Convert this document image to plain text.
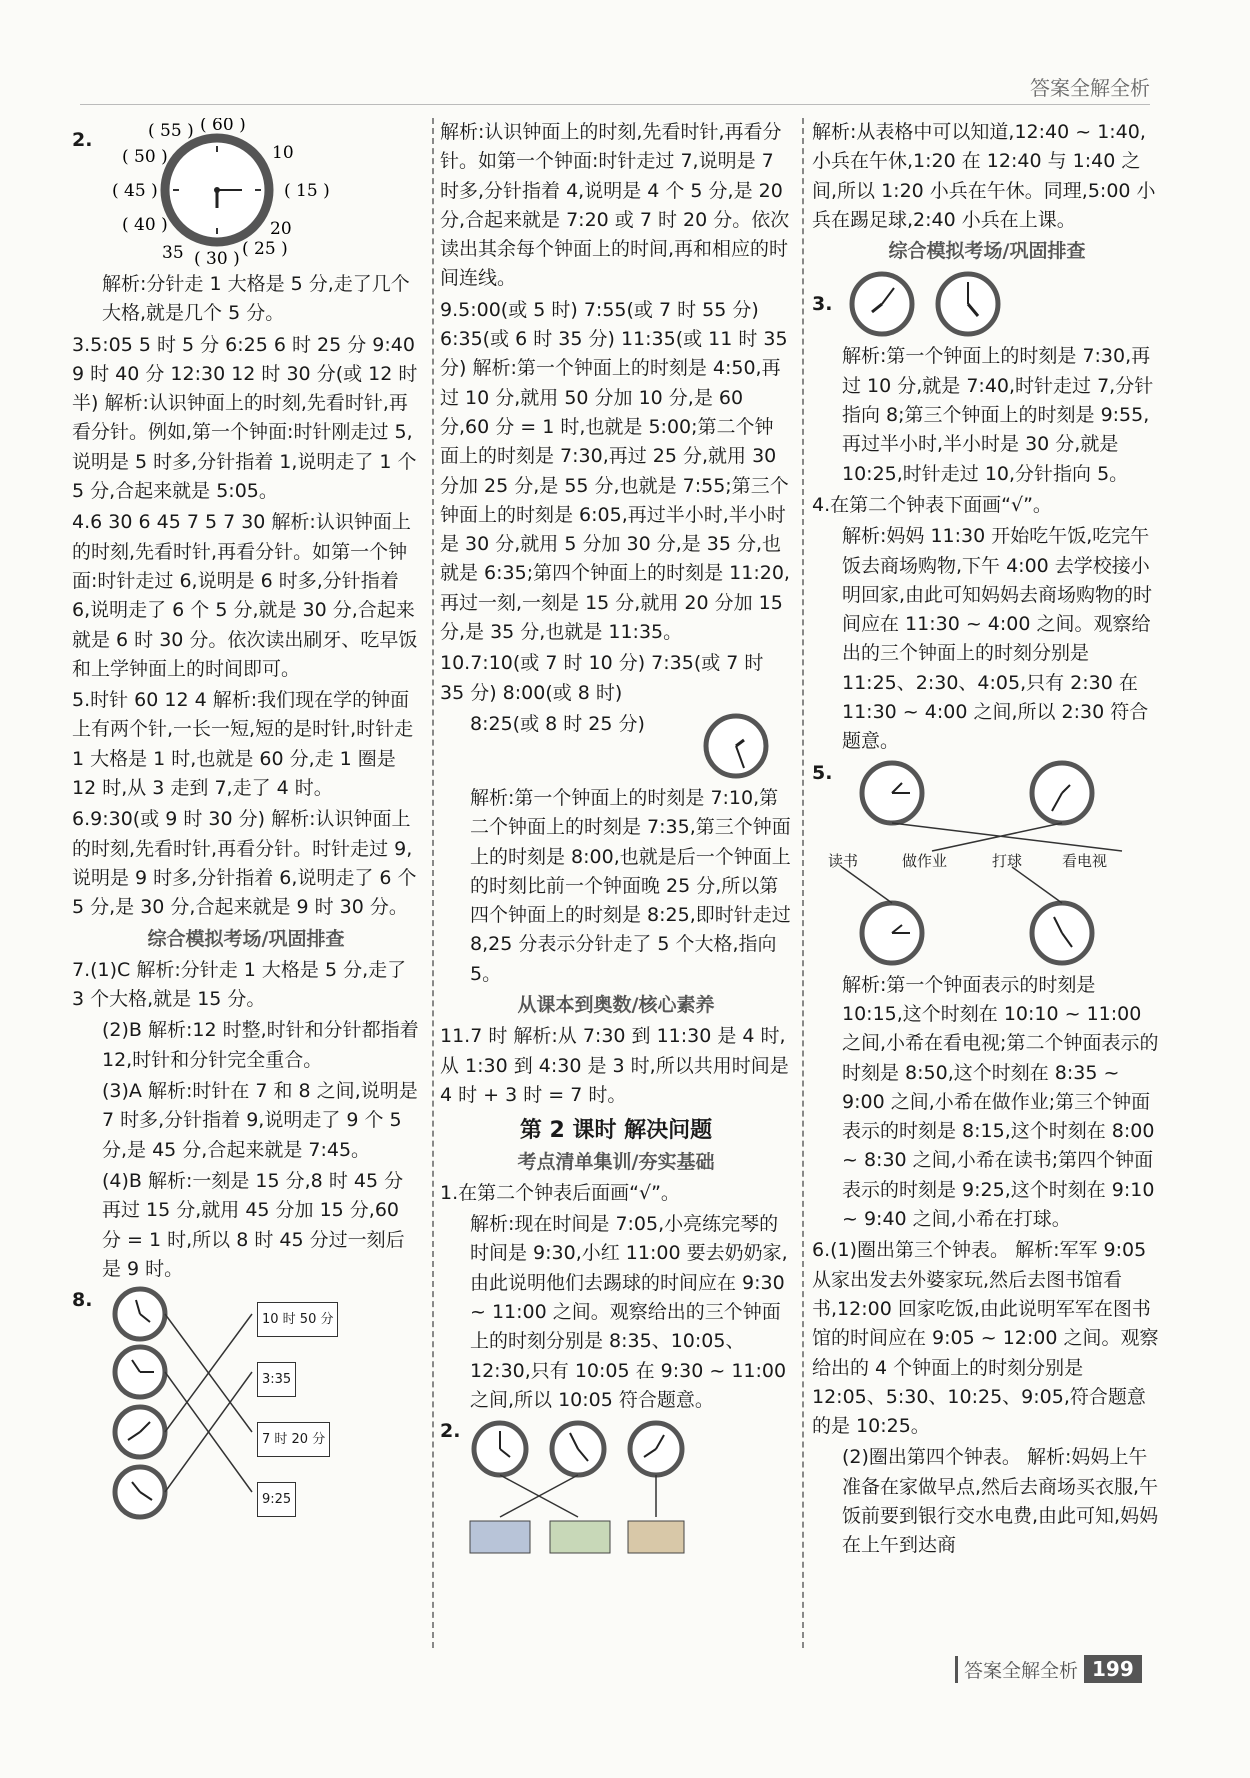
答案全解全析
2.
( 60 )
10
( 15 )
20
( 25 )
( 30 )
35
( 40 )
( 45 )
( 50 )
( 55 )
解析:分针走 1 大格是 5 分,走了几个大格,就是几个 5 分。
3.5:05 5 时 5 分 6:25 6 时 25 分 9:40 9 时 40 分 12:30 12 时 30 分(或 12 时半) 解析:认识钟面上的时刻,先看时针,再看分针。例如,第一个钟面:时针刚走过 5,说明是 5 时多,分针指着 1,说明走了 1 个 5 分,合起来就是 5:05。
4.6 30 6 45 7 5 7 30 解析:认识钟面上的时刻,先看时针,再看分针。如第一个钟面:时针走过 6,说明是 6 时多,分针指着 6,说明走了 6 个 5 分,就是 30 分,合起来就是 6 时 30 分。依次读出刷牙、吃早饭和上学钟面上的时间即可。
5.时针 60 12 4 解析:我们现在学的钟面上有两个针,一长一短,短的是时针,时针走 1 大格是 1 时,也就是 60 分,走 1 圈是 12 时,从 3 走到 7,走了 4 时。
6.9:30(或 9 时 30 分) 解析:认识钟面上的时刻,先看时针,再看分针。时针走过 9,说明是 9 时多,分针指着 6,说明走了 6 个 5 分,是 30 分,合起来就是 9 时 30 分。
综合模拟考场/巩固排查
7.(1)C 解析:分针走 1 大格是 5 分,走了 3 个大格,就是 15 分。
(2)B 解析:12 时整,时针和分针都指着 12,时针和分针完全重合。
(3)A 解析:时针在 7 和 8 之间,说明是 7 时多,分针指着 9,说明走了 9 个 5 分,是 45 分,合起来就是 7:45。
(4)B 解析:一刻是 15 分,8 时 45 分再过 15 分,就用 45 分加 15 分,60 分 = 1 时,所以 8 时 45 分过一刻后是 9 时。
8.
10 时 50 分
3:35
7 时 20 分
9:25
解析:认识钟面上的时刻,先看时针,再看分针。如第一个钟面:时针走过 7,说明是 7 时多,分针指着 4,说明是 4 个 5 分,是 20 分,合起来就是 7:20 或 7 时 20 分。依次读出其余每个钟面上的时间,再和相应的时间连线。
9.5:00(或 5 时) 7:55(或 7 时 55 分) 6:35(或 6 时 35 分) 11:35(或 11 时 35 分) 解析:第一个钟面上的时刻是 4:50,再过 10 分,就用 50 分加 10 分,是 60 分,60 分 = 1 时,也就是 5:00;第二个钟面上的时刻是 7:30,再过 25 分,就用 30 分加 25 分,是 55 分,也就是 7:55;第三个钟面上的时刻是 6:05,再过半小时,半小时是 30 分,就用 5 分加 30 分,是 35 分,也就是 6:35;第四个钟面上的时刻是 11:20,再过一刻,一刻是 15 分,就用 20 分加 15 分,是 35 分,也就是 11:35。
10.7:10(或 7 时 10 分) 7:35(或 7 时 35 分) 8:00(或 8 时)
8:25(或 8 时 25 分)
解析:第一个钟面上的时刻是 7:10,第二个钟面上的时刻是 7:35,第三个钟面上的时刻是 8:00,也就是后一个钟面上的时刻比前一个钟面晚 25 分,所以第四个钟面上的时刻是 8:25,即时针走过 8,25 分表示分针走了 5 个大格,指向 5。
从课本到奥数/核心素养
11.7 时 解析:从 7:30 到 11:30 是 4 时,从 1:30 到 4:30 是 3 时,所以共用时间是 4 时 + 3 时 = 7 时。
第 2 课时 解决问题
考点清单集训/夯实基础
1.在第二个钟表后面画“√”。
解析:现在时间是 7:05,小亮练完琴的时间是 9:30,小红 11:00 要去奶奶家,由此说明他们去踢球的时间应在 9:30 ~ 11:00 之间。观察给出的三个钟面上的时刻分别是 8:35、10:05、12:30,只有 10:05 在 9:30 ~ 11:00 之间,所以 10:05 符合题意。
2.
解析:从表格中可以知道,12:40 ~ 1:40,小兵在午休,1:20 在 12:40 与 1:40 之间,所以 1:20 小兵在午休。同理,5:00 小兵在踢足球,2:40 小兵在上课。
综合模拟考场/巩固排查
3.
解析:第一个钟面上的时刻是 7:30,再过 10 分,就是 7:40,时针走过 7,分针指向 8;第三个钟面上的时刻是 9:55,再过半小时,半小时是 30 分,就是 10:25,时针走过 10,分针指向 5。
4.在第二个钟表下面画“√”。
解析:妈妈 11:30 开始吃午饭,吃完午饭去商场购物,下午 4:00 去学校接小明回家,由此可知妈妈去商场购物的时间应在 11:30 ~ 4:00 之间。观察给出的三个钟面上的时刻分别是 11:25、2:30、4:05,只有 2:30 在 11:30 ~ 4:00 之间,所以 2:30 符合题意。
5.
读书	做作业	打球	看电视
解析:第一个钟面表示的时刻是 10:15,这个时刻在 10:10 ~ 11:00 之间,小希在看电视;第二个钟面表示的时刻是 8:50,这个时刻在 8:35 ~ 9:00 之间,小希在做作业;第三个钟面表示的时刻是 8:15,这个时刻在 8:00 ~ 8:30 之间,小希在读书;第四个钟面表示的时刻是 9:25,这个时刻在 9:10 ~ 9:40 之间,小希在打球。
6.(1)圈出第三个钟表。 解析:军军 9:05 从家出发去外婆家玩,然后去图书馆看书,12:00 回家吃饭,由此说明军军在图书馆的时间应在 9:05 ~ 12:00 之间。观察给出的 4 个钟面上的时刻分别是 12:05、5:30、10:25、9:05,符合题意的是 10:25。
(2)圈出第四个钟表。 解析:妈妈上午准备在家做早点,然后去商场买衣服,午饭前要到银行交水电费,由此可知,妈妈在上午到达商
答案全解全析 199
